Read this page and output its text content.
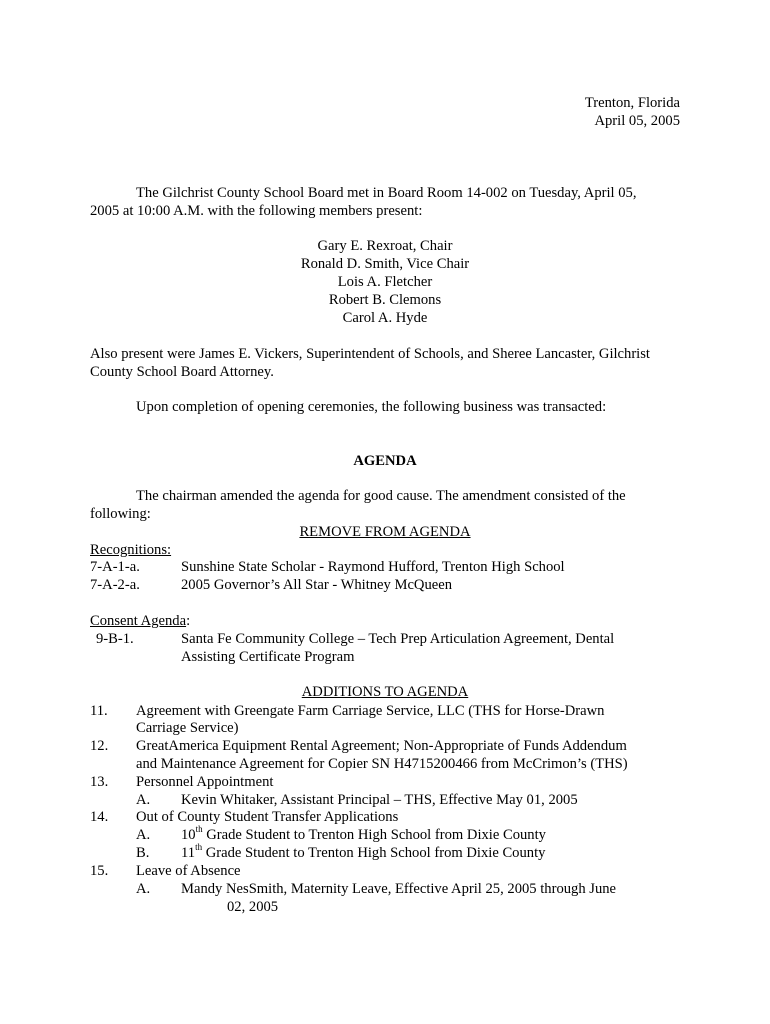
Trenton, Florida
April 05, 2005
The Gilchrist County School Board met in Board Room 14-002 on Tuesday, April 05,
2005 at 10:00 A.M. with the following members present:
Gary E. Rexroat, Chair
Ronald D. Smith, Vice Chair
Lois A. Fletcher
Robert B. Clemons
Carol A. Hyde
Also present were James E. Vickers, Superintendent of Schools, and Sheree Lancaster, Gilchrist
County School Board Attorney.
Upon completion of opening ceremonies, the following business was transacted:
AGENDA
The chairman amended the agenda for good cause. The amendment consisted of the
following:
REMOVE FROM AGENDA
Recognitions:
7-A-1-a.	Sunshine State Scholar - Raymond Hufford, Trenton High School
7-A-2-a.	2005 Governor’s All Star - Whitney McQueen
Consent Agenda:
9-B-1.	Santa Fe Community College – Tech Prep Articulation Agreement, Dental
Assisting Certificate Program
ADDITIONS TO AGENDA
11. Agreement with Greengate Farm Carriage Service, LLC (THS for Horse-Drawn
Carriage Service)
12. GreatAmerica Equipment Rental Agreement; Non-Appropriate of Funds Addendum
and Maintenance Agreement for Copier SN H4715200466 from McCrimon’s (THS)
13. Personnel Appointment
A. Kevin Whitaker, Assistant Principal – THS, Effective May 01, 2005
14. Out of County Student Transfer Applications
A. 10th Grade Student to Trenton High School from Dixie County
B. 11th Grade Student to Trenton High School from Dixie County
15. Leave of Absence
A. Mandy NesSmith, Maternity Leave, Effective April 25, 2005 through June
02, 2005
